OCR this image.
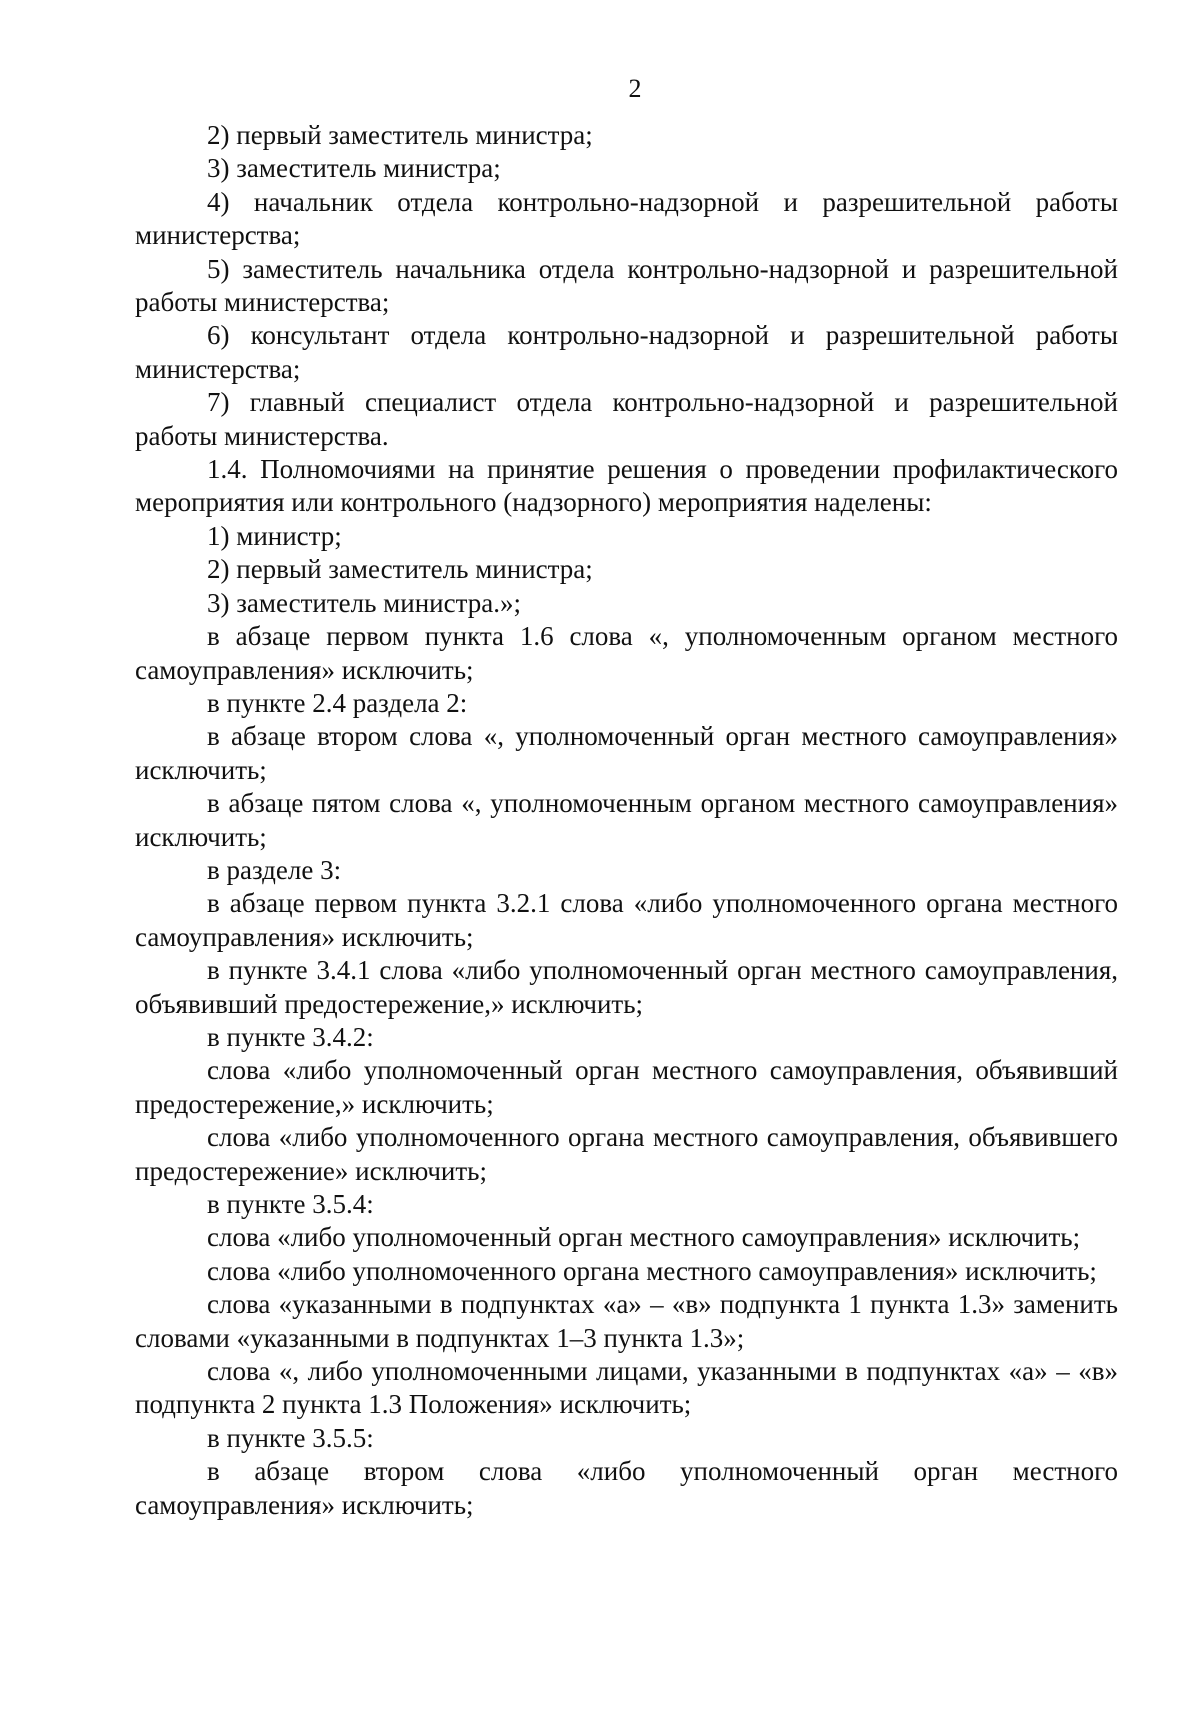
2

2) первый заместитель министра;

3) заместитель министра;

4) начальник отдела контрольно-надзорной и разрешительной работы министерства;

5) заместитель начальника отдела контрольно-надзорной и разрешительной работы министерства;

6) консультант отдела контрольно-надзорной и разрешительной работы министерства;

7) главный специалист отдела контрольно-надзорной и разрешительной работы министерства.

1.4. Полномочиями на принятие решения о проведении профилактического мероприятия или контрольного (надзорного) мероприятия наделены:

1) министр;

2) первый заместитель министра;

3) заместитель министра.»;

в абзаце первом пункта 1.6 слова «, уполномоченным органом местного самоуправления» исключить;

в пункте 2.4 раздела 2:

в абзаце втором слова «, уполномоченный орган местного самоуправления» исключить;

в абзаце пятом слова «, уполномоченным органом местного самоуправления» исключить;

в разделе 3:

в абзаце первом пункта 3.2.1 слова «либо уполномоченного органа местного самоуправления» исключить;

в пункте 3.4.1 слова «либо уполномоченный орган местного самоуправления, объявивший предостережение,» исключить;

в пункте 3.4.2:

слова «либо уполномоченный орган местного самоуправления, объявивший предостережение,» исключить;

слова «либо уполномоченного органа местного самоуправления, объявившего предостережение» исключить;

в пункте 3.5.4:

слова «либо уполномоченный орган местного самоуправления» исключить;

слова «либо уполномоченного органа местного самоуправления» исключить;

слова «указанными в подпунктах «а» – «в» подпункта 1 пункта 1.3» заменить словами «указанными в подпунктах 1–3 пункта 1.3»;

слова «, либо уполномоченными лицами, указанными в подпунктах «а» – «в» подпункта 2 пункта 1.3 Положения» исключить;

в пункте 3.5.5:

в абзаце втором слова «либо уполномоченный орган местного самоуправления» исключить;
